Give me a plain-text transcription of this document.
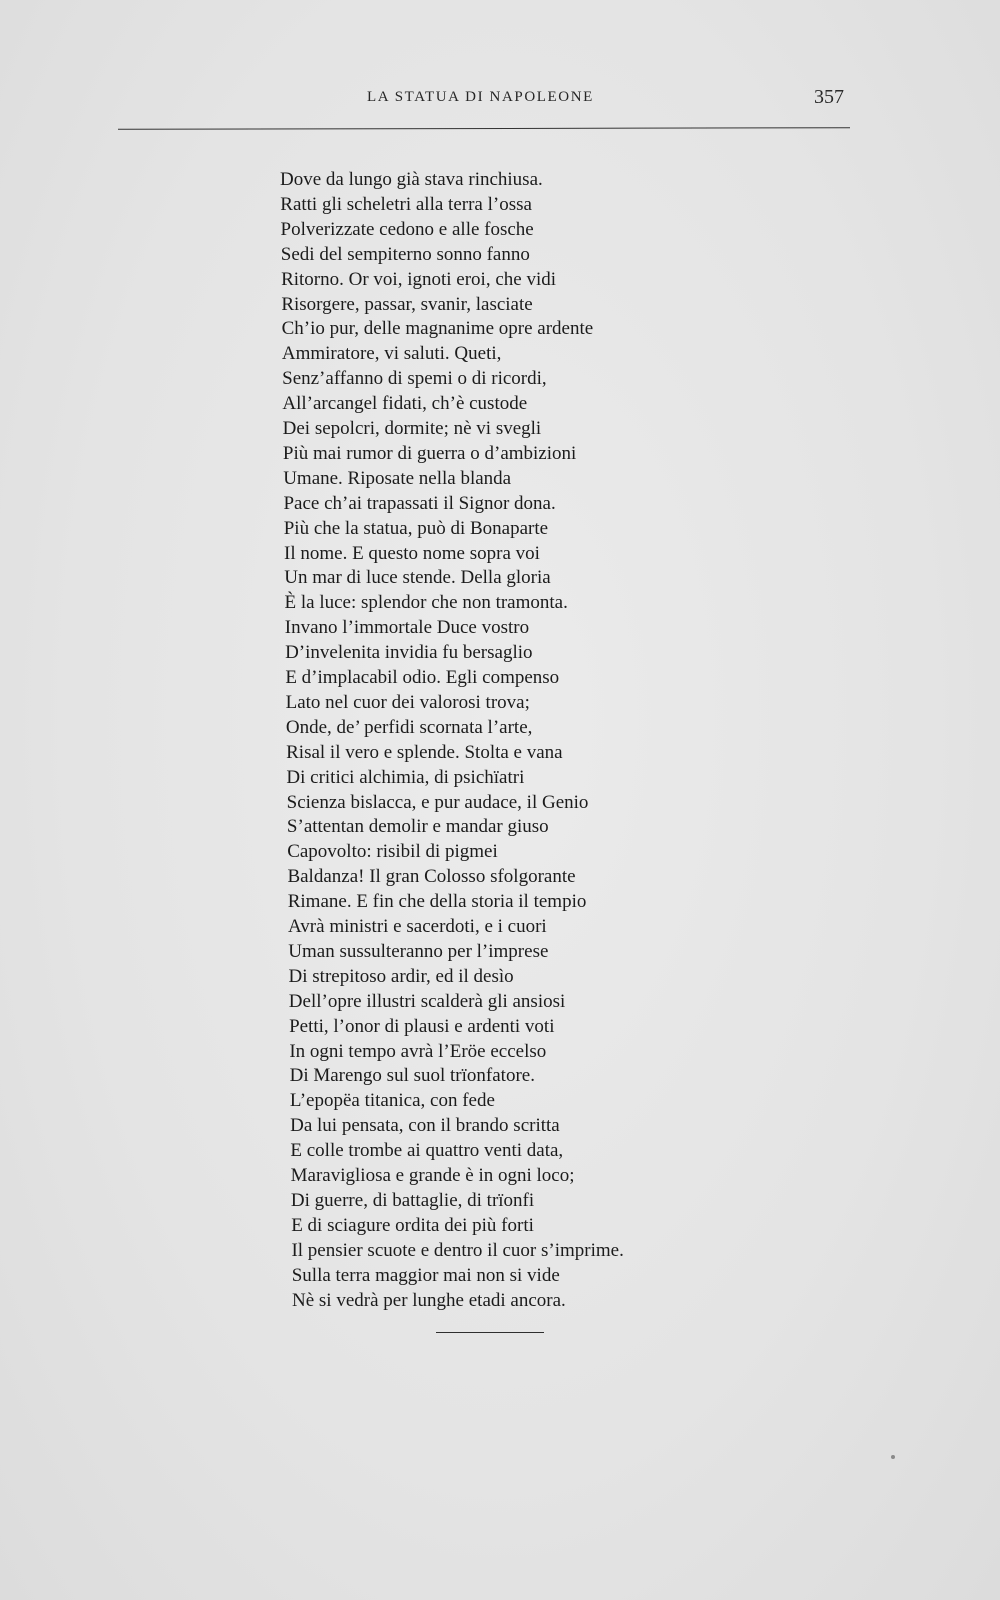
LA STATUA DI NAPOLEONE	357
Dove da lungo già stava rinchiusa.
Ratti gli scheletri alla terra l’ossa
Polverizzate cedono e alle fosche
Sedi del sempiterno sonno fanno
Ritorno. Or voi, ignoti eroi, che vidi
Risorgere, passar, svanir, lasciate
Ch’io pur, delle magnanime opre ardente
Ammiratore, vi saluti. Queti,
Senz’affanno di spemi o di ricordi,
All’arcangel fidati, ch’è custode
Dei sepolcri, dormite; nè vi svegli
Più mai rumor di guerra o d’ambizioni
Umane. Riposate nella blanda
Pace ch’ai trapassati il Signor dona.
Più che la statua, può di Bonaparte
Il nome. E questo nome sopra voi
Un mar di luce stende. Della gloria
È la luce: splendor che non tramonta.
Invano l’immortale Duce vostro
D’invelenita invidia fu bersaglio
E d’implacabil odio. Egli compenso
Lato nel cuor dei valorosi trova;
Onde, de’ perfidi scornata l’arte,
Risal il vero e splende. Stolta e vana
Di critici alchimia, di psichïatri
Scienza bislacca, e pur audace, il Genio
S’attentan demolir e mandar giuso
Capovolto: risibil di pigmei
Baldanza! Il gran Colosso sfolgorante
Rimane. E fin che della storia il tempio
Avrà ministri e sacerdoti, e i cuori
Uman sussulteranno per l’imprese
Di strepitoso ardir, ed il desìo
Dell’opre illustri scalderà gli ansiosi
Petti, l’onor di plausi e ardenti voti
In ogni tempo avrà l’Eröe eccelso
Di Marengo sul suol trïonfatore.
L’epopëa titanica, con fede
Da lui pensata, con il brando scritta
E colle trombe ai quattro venti data,
Maravigliosa e grande è in ogni loco;
Di guerre, di battaglie, di trïonfi
E di sciagure ordita dei più forti
Il pensier scuote e dentro il cuor s’imprime.
Sulla terra maggior mai non si vide
Nè si vedrà per lunghe etadi ancora.
